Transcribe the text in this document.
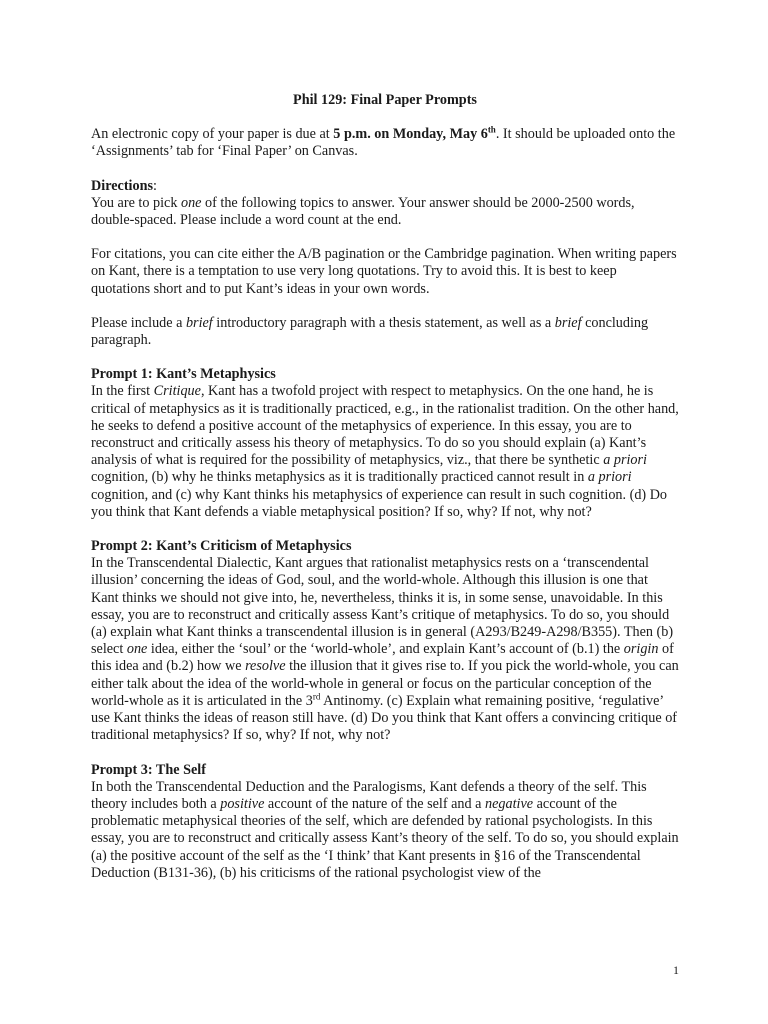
Phil 129: Final Paper Prompts

An electronic copy of your paper is due at 5 p.m. on Monday, May 6th. It should be uploaded onto the ‘Assignments’ tab for ‘Final Paper’ on Canvas.

Directions:
You are to pick one of the following topics to answer. Your answer should be 2000-2500 words, double-spaced. Please include a word count at the end.

For citations, you can cite either the A/B pagination or the Cambridge pagination. When writing papers on Kant, there is a temptation to use very long quotations. Try to avoid this. It is best to keep quotations short and to put Kant’s ideas in your own words.

Please include a brief introductory paragraph with a thesis statement, as well as a brief concluding paragraph.

Prompt 1: Kant’s Metaphysics
In the first Critique, Kant has a twofold project with respect to metaphysics. On the one hand, he is critical of metaphysics as it is traditionally practiced, e.g., in the rationalist tradition. On the other hand, he seeks to defend a positive account of the metaphysics of experience. In this essay, you are to reconstruct and critically assess his theory of metaphysics. To do so you should explain (a) Kant’s analysis of what is required for the possibility of metaphysics, viz., that there be synthetic a priori cognition, (b) why he thinks metaphysics as it is traditionally practiced cannot result in a priori cognition, and (c) why Kant thinks his metaphysics of experience can result in such cognition. (d) Do you think that Kant defends a viable metaphysical position? If so, why? If not, why not?

Prompt 2: Kant’s Criticism of Metaphysics
In the Transcendental Dialectic, Kant argues that rationalist metaphysics rests on a ‘transcendental illusion’ concerning the ideas of God, soul, and the world-whole. Although this illusion is one that Kant thinks we should not give into, he, nevertheless, thinks it is, in some sense, unavoidable. In this essay, you are to reconstruct and critically assess Kant’s critique of metaphysics. To do so, you should (a) explain what Kant thinks a transcendental illusion is in general (A293/B249-A298/B355). Then (b) select one idea, either the ‘soul’ or the ‘world-whole’, and explain Kant’s account of (b.1) the origin of this idea and (b.2) how we resolve the illusion that it gives rise to. If you pick the world-whole, you can either talk about the idea of the world-whole in general or focus on the particular conception of the world-whole as it is articulated in the 3rd Antinomy. (c) Explain what remaining positive, ‘regulative’ use Kant thinks the ideas of reason still have. (d) Do you think that Kant offers a convincing critique of traditional metaphysics? If so, why? If not, why not?

Prompt 3: The Self
In both the Transcendental Deduction and the Paralogisms, Kant defends a theory of the self. This theory includes both a positive account of the nature of the self and a negative account of the problematic metaphysical theories of the self, which are defended by rational psychologists. In this essay, you are to reconstruct and critically assess Kant’s theory of the self. To do so, you should explain (a) the positive account of the self as the ‘I think’ that Kant presents in §16 of the Transcendental Deduction (B131-36), (b) his criticisms of the rational psychologist view of the

1
